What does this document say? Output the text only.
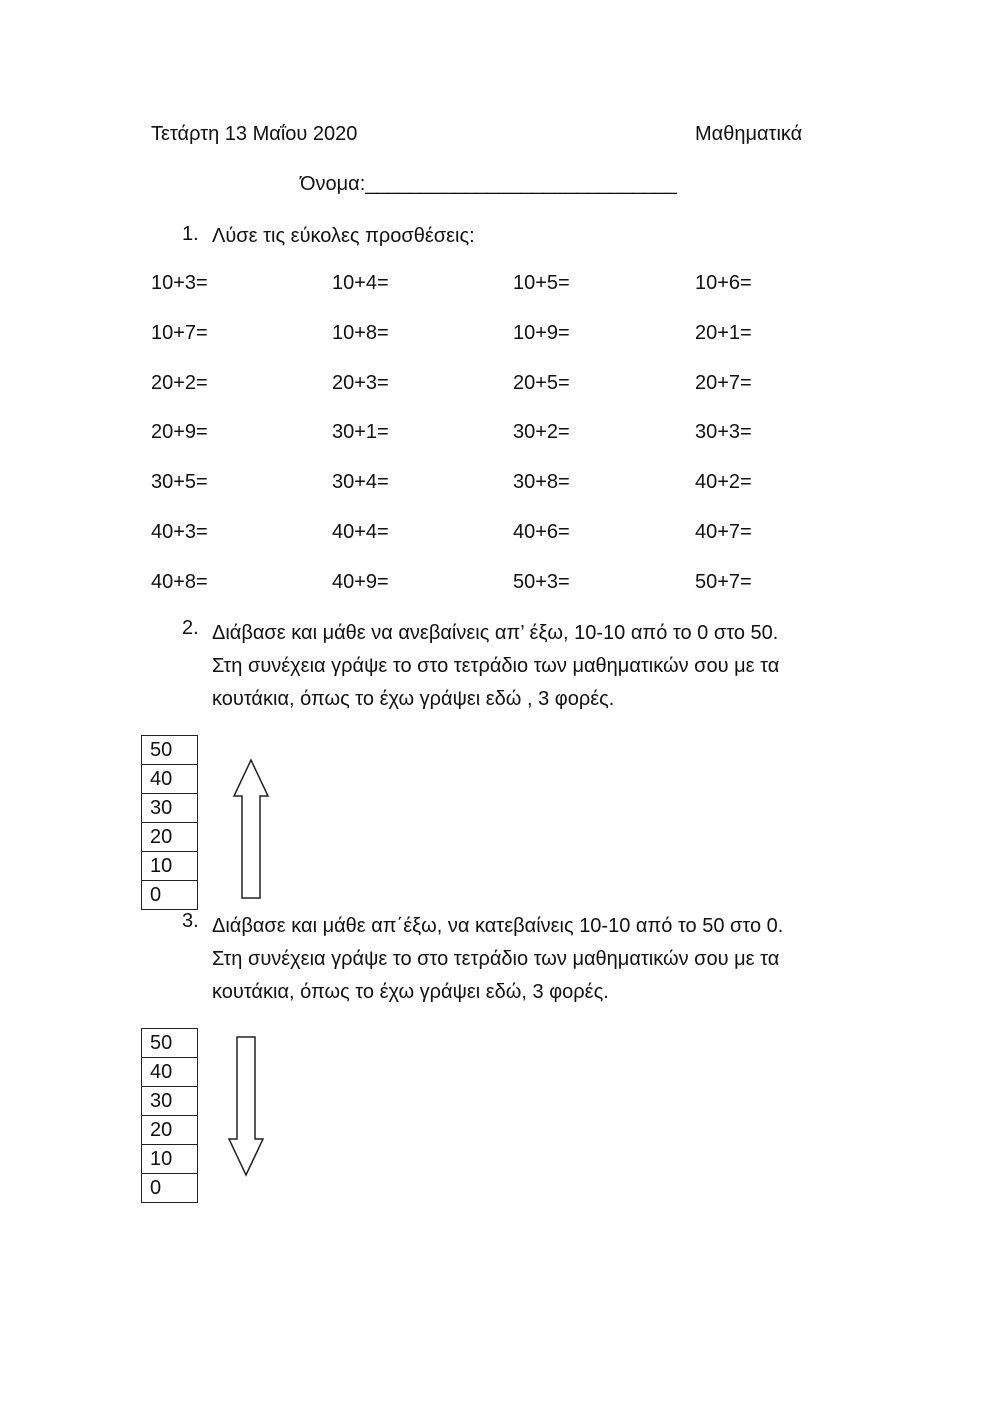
Τετάρτη 13 Μαΐου 2020	Μαθηματικά
Όνομα:____________________________
1. Λύσε τις εύκολες προσθέσεις:
10+3=	10+4=	10+5=	10+6=
10+7=	10+8=	10+9=	20+1=
20+2=	20+3=	20+5=	20+7=
20+9=	30+1=	30+2=	30+3=
30+5=	30+4=	30+8=	40+2=
40+3=	40+4=	40+6=	40+7=
40+8=	40+9=	50+3=	50+7=
2. Διάβασε και μάθε να ανεβαίνεις απ’ έξω, 10-10 από το 0 στο 50.
Στη συνέχεια γράψε το στο τετράδιο των μαθηματικών σου με τα
κουτάκια, όπως το έχω γράψει εδώ , 3 φορές.
50
40
30
20
10
0
3. Διάβασε και μάθε απ΄έξω, να κατεβαίνεις 10-10 από το 50 στο 0.
Στη συνέχεια γράψε το στο τετράδιο των μαθηματικών σου με τα
κουτάκια, όπως το έχω γράψει εδώ, 3 φορές.
50
40
30
20
10
0
